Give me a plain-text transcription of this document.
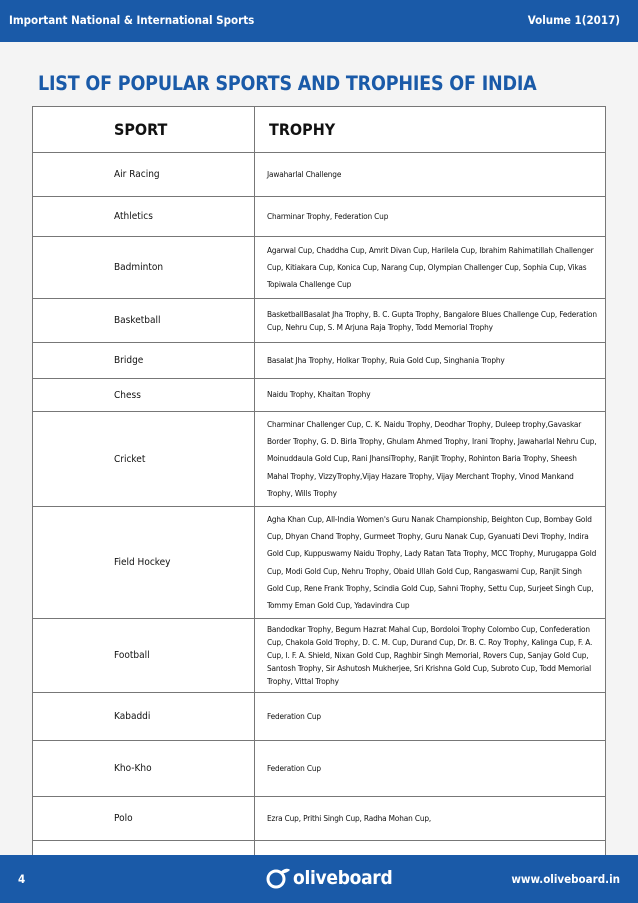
Important National & International Sports	Volume 1(2017)
LIST OF POPULAR SPORTS AND TROPHIES OF INDIA
SPORT	TROPHY
Air Racing	Jawaharlal Challenge
Athletics	Charminar Trophy, Federation Cup
Badminton	Agarwal Cup, Chaddha Cup, Amrit Divan Cup, Harilela Cup, Ibrahim Rahimatillah Challenger Cup, Kitiakara Cup, Konica Cup, Narang Cup, Olympian Challenger Cup, Sophia Cup, Vikas Topiwala Challenge Cup
Basketball	BasketballBasalat Jha Trophy, B. C. Gupta Trophy, Bangalore Blues Challenge Cup, Federation Cup, Nehru Cup, S. M Arjuna Raja Trophy, Todd Memorial Trophy
Bridge	Basalat Jha Trophy, Holkar Trophy, Ruia Gold Cup, Singhania Trophy
Chess	Naidu Trophy, Khaitan Trophy
Cricket	Charminar Challenger Cup, C. K. Naidu Trophy, Deodhar Trophy, Duleep trophy,Gavaskar Border Trophy, G. D. Birla Trophy, Ghulam Ahmed Trophy, Irani Trophy, Jawaharlal Nehru Cup, Moinuddaula Gold Cup, Rani JhansiTrophy, Ranjit Trophy, Rohinton Baria Trophy, Sheesh Mahal Trophy, VizzyTrophy,Vijay Hazare Trophy, Vijay Merchant Trophy, Vinod Mankand Trophy, Wills Trophy
Field Hockey	Agha Khan Cup, All-India Women's Guru Nanak Championship, Beighton Cup, Bombay Gold Cup, Dhyan Chand Trophy, Gurmeet Trophy, Guru Nanak Cup, Gyanuati Devi Trophy, Indira Gold Cup, Kuppuswamy Naidu Trophy, Lady Ratan Tata Trophy, MCC Trophy, Murugappa Gold Cup, Modi Gold Cup, Nehru Trophy, Obaid Ullah Gold Cup, Rangaswami Cup, Ranjit Singh Gold Cup, Rene Frank Trophy, Scindia Gold Cup, Sahni Trophy, Settu Cup, Surjeet Singh Cup, Tommy Eman Gold Cup, Yadavindra Cup
Football	Bandodkar Trophy, Begum Hazrat Mahal Cup, Bordoloi Trophy Colombo Cup, Confederation Cup, Chakola Gold Trophy, D. C. M. Cup, Durand Cup, Dr. B. C. Roy Trophy, Kalinga Cup, F. A. Cup, I. F. A. Shield, Nixan Gold Cup, Raghbir Singh Memorial, Rovers Cup, Sanjay Gold Cup, Santosh Trophy, Sir Ashutosh Mukherjee, Sri Krishna Gold Cup, Subroto Cup, Todd Memorial Trophy, Vittal Trophy
Kabaddi	Federation Cup
Kho-Kho	Federation Cup
Polo	Ezra Cup, Prithi Singh Cup, Radha Mohan Cup,

4	oliveboard	www.oliveboard.in
